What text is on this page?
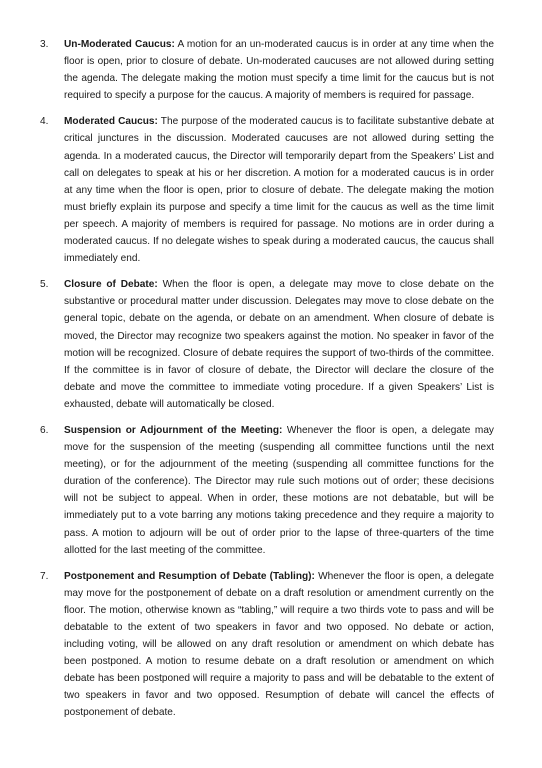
3.	Un-Moderated Caucus: A motion for an un-moderated caucus is in order at any time when the floor is open, prior to closure of debate. Un-moderated caucuses are not allowed during setting the agenda. The delegate making the motion must specify a time limit for the caucus but is not required to specify a purpose for the caucus. A majority of members is required for passage.
4.	Moderated Caucus: The purpose of the moderated caucus is to facilitate substantive debate at critical junctures in the discussion. Moderated caucuses are not allowed during setting the agenda. In a moderated caucus, the Director will temporarily depart from the Speakers’ List and call on delegates to speak at his or her discretion. A motion for a moderated caucus is in order at any time when the floor is open, prior to closure of debate. The delegate making the motion must briefly explain its purpose and specify a time limit for the caucus as well as the time limit per speech. A majority of members is required for passage. No motions are in order during a moderated caucus. If no delegate wishes to speak during a moderated caucus, the caucus shall immediately end.
5.	Closure of Debate: When the floor is open, a delegate may move to close debate on the substantive or procedural matter under discussion. Delegates may move to close debate on the general topic, debate on the agenda, or debate on an amendment. When closure of debate is moved, the Director may recognize two speakers against the motion. No speaker in favor of the motion will be recognized. Closure of debate requires the support of two-thirds of the committee. If the committee is in favor of closure of debate, the Director will declare the closure of the debate and move the committee to immediate voting procedure. If a given Speakers’ List is exhausted, debate will automatically be closed.
6.	Suspension or Adjournment of the Meeting: Whenever the floor is open, a delegate may move for the suspension of the meeting (suspending all committee functions until the next meeting), or for the adjournment of the meeting (suspending all committee functions for the duration of the conference). The Director may rule such motions out of order; these decisions will not be subject to appeal. When in order, these motions are not debatable, but will be immediately put to a vote barring any motions taking precedence and they require a majority to pass. A motion to adjourn will be out of order prior to the lapse of three-quarters of the time allotted for the last meeting of the committee.
7.	Postponement and Resumption of Debate (Tabling): Whenever the floor is open, a delegate may move for the postponement of debate on a draft resolution or amendment currently on the floor. The motion, otherwise known as “tabling,” will require a two thirds vote to pass and will be debatable to the extent of two speakers in favor and two opposed. No debate or action, including voting, will be allowed on any draft resolution or amendment on which debate has been postponed. A motion to resume debate on a draft resolution or amendment on which debate has been postponed will require a majority to pass and will be debatable to the extent of two speakers in favor and two opposed. Resumption of debate will cancel the effects of postponement of debate.
